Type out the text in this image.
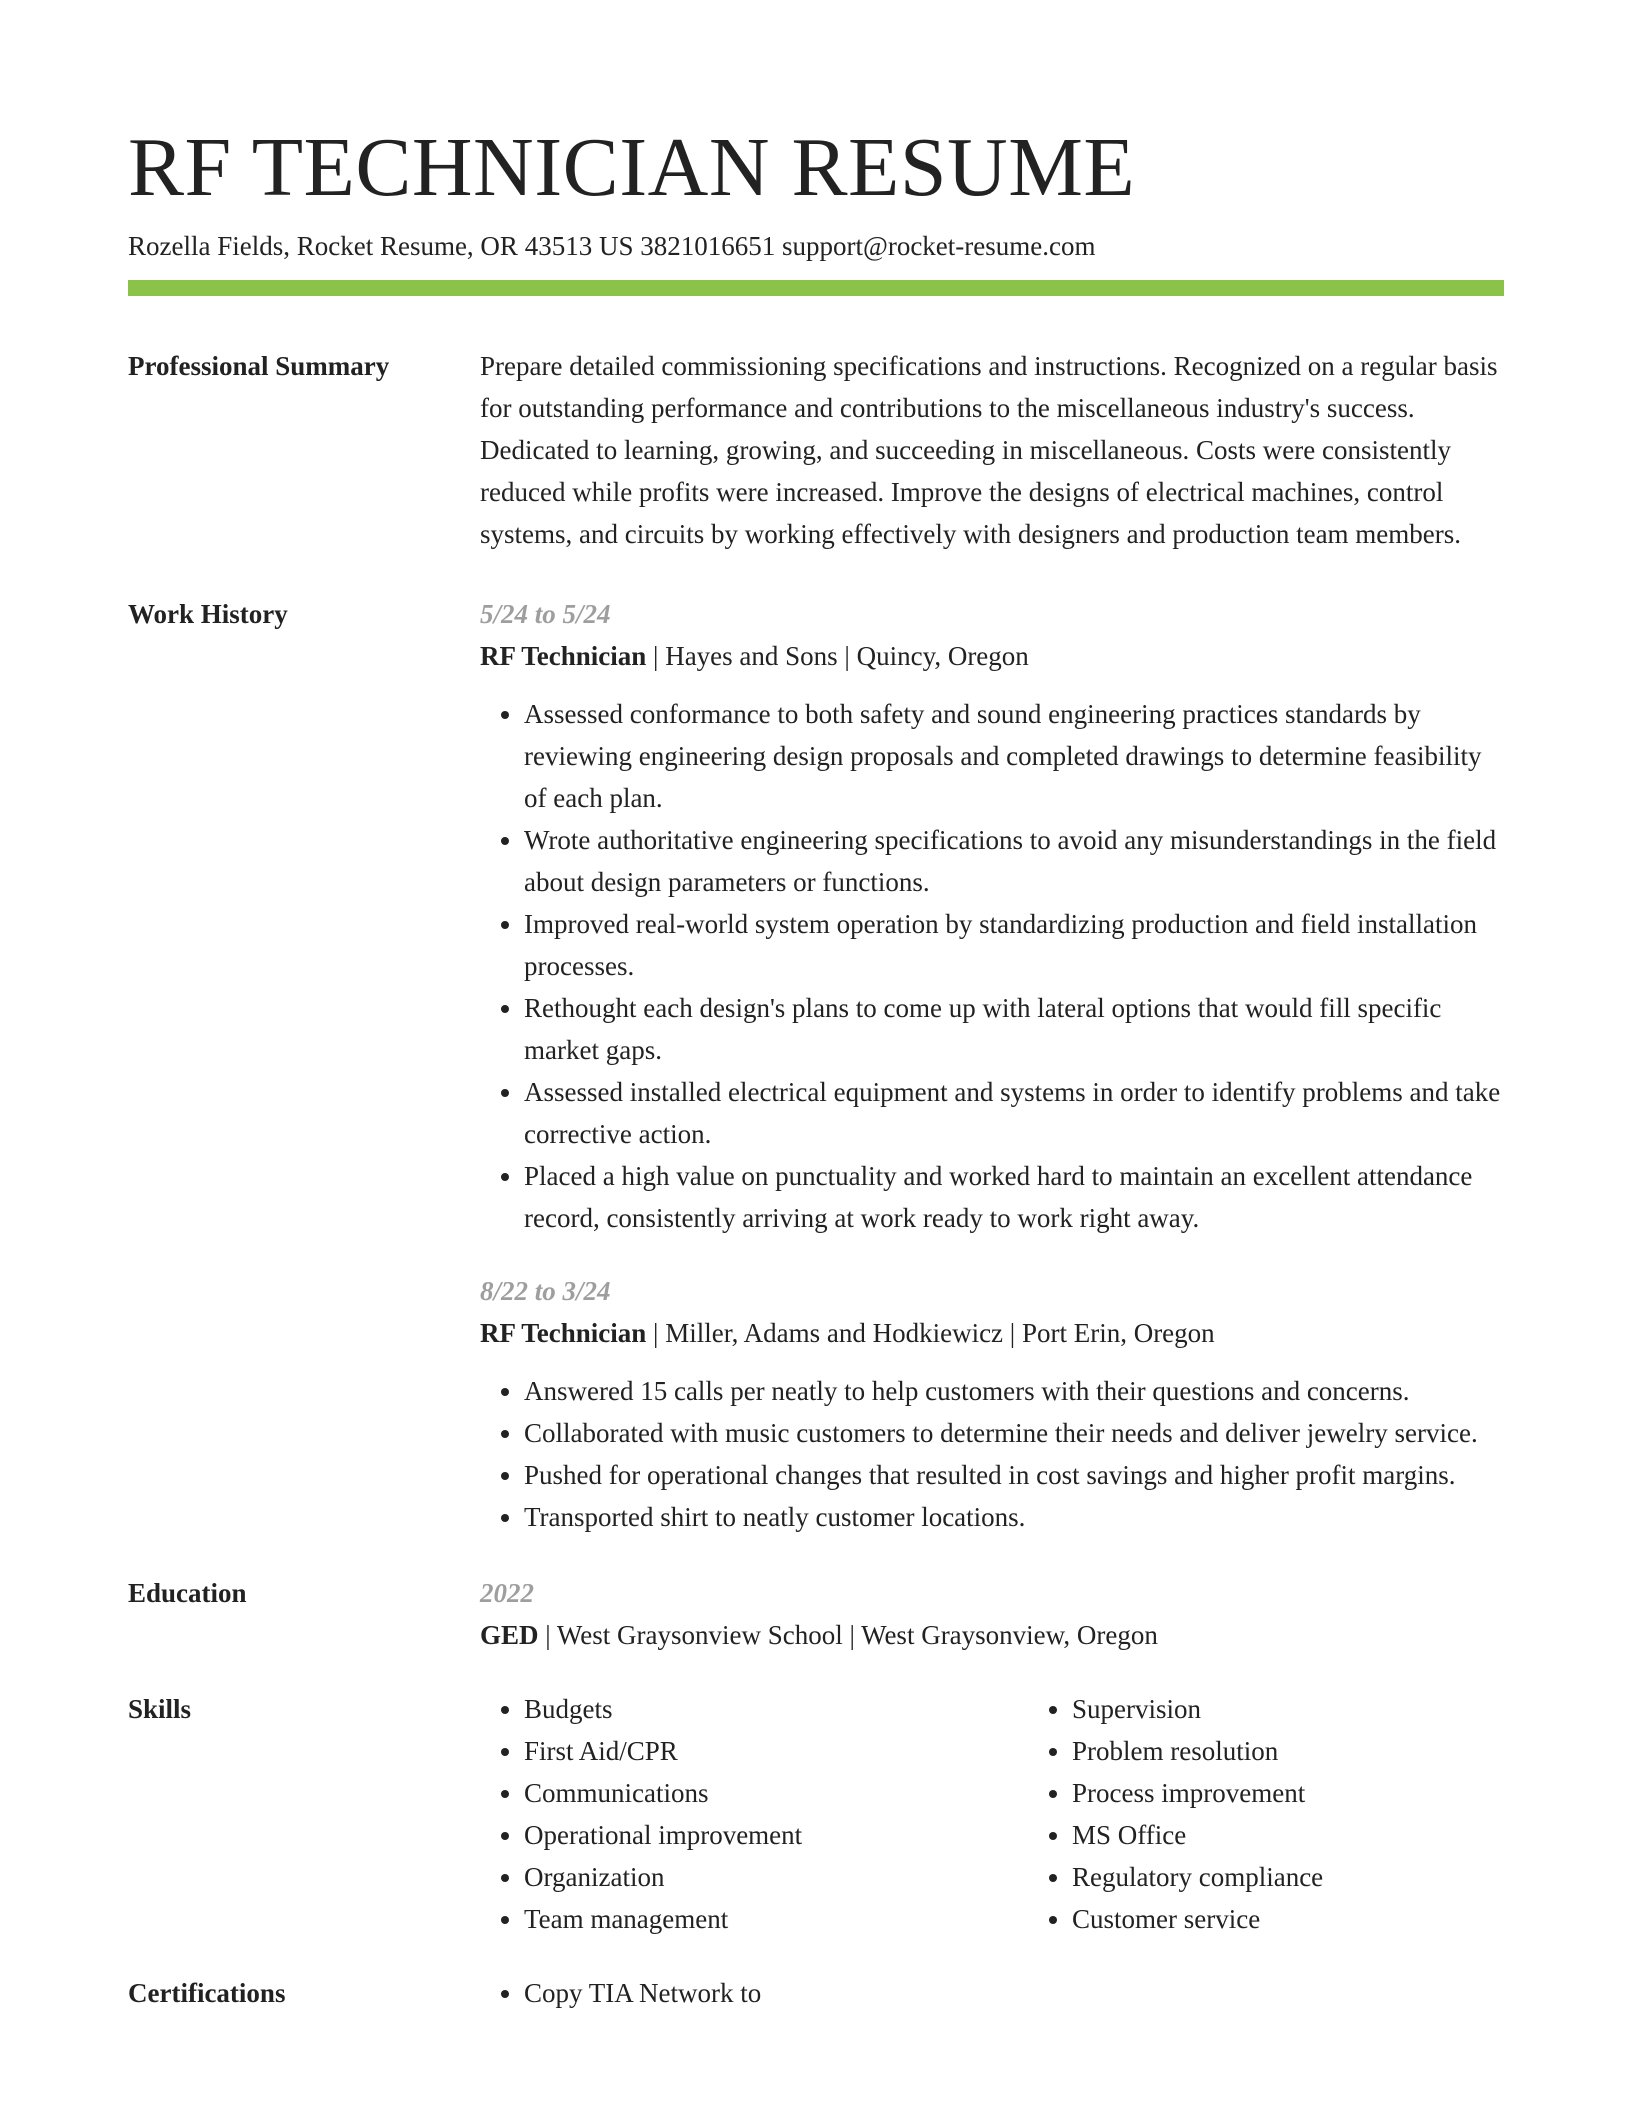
RF TECHNICIAN RESUME
Rozella Fields, Rocket Resume, OR 43513 US 3821016651 support@rocket-resume.com
Professional Summary	Prepare detailed commissioning specifications and instructions. Recognized on a regular basis for outstanding performance and contributions to the miscellaneous industry's success. Dedicated to learning, growing, and succeeding in miscellaneous. Costs were consistently reduced while profits were increased. Improve the designs of electrical machines, control systems, and circuits by working effectively with designers and production team members.
Work History	5/24 to 5/24
RF Technician | Hayes and Sons | Quincy, Oregon
• Assessed conformance to both safety and sound engineering practices standards by reviewing engineering design proposals and completed drawings to determine feasibility of each plan.
• Wrote authoritative engineering specifications to avoid any misunderstandings in the field about design parameters or functions.
• Improved real-world system operation by standardizing production and field installation processes.
• Rethought each design's plans to come up with lateral options that would fill specific market gaps.
• Assessed installed electrical equipment and systems in order to identify problems and take corrective action.
• Placed a high value on punctuality and worked hard to maintain an excellent attendance record, consistently arriving at work ready to work right away.
8/22 to 3/24
RF Technician | Miller, Adams and Hodkiewicz | Port Erin, Oregon
• Answered 15 calls per neatly to help customers with their questions and concerns.
• Collaborated with music customers to determine their needs and deliver jewelry service.
• Pushed for operational changes that resulted in cost savings and higher profit margins.
• Transported shirt to neatly customer locations.
Education	2022
GED | West Graysonview School | West Graysonview, Oregon
Skills	• Budgets
• First Aid/CPR
• Communications
• Operational improvement
• Organization
• Team management
• Supervision
• Problem resolution
• Process improvement
• MS Office
• Regulatory compliance
• Customer service
Certifications	• Copy TIA Network to
